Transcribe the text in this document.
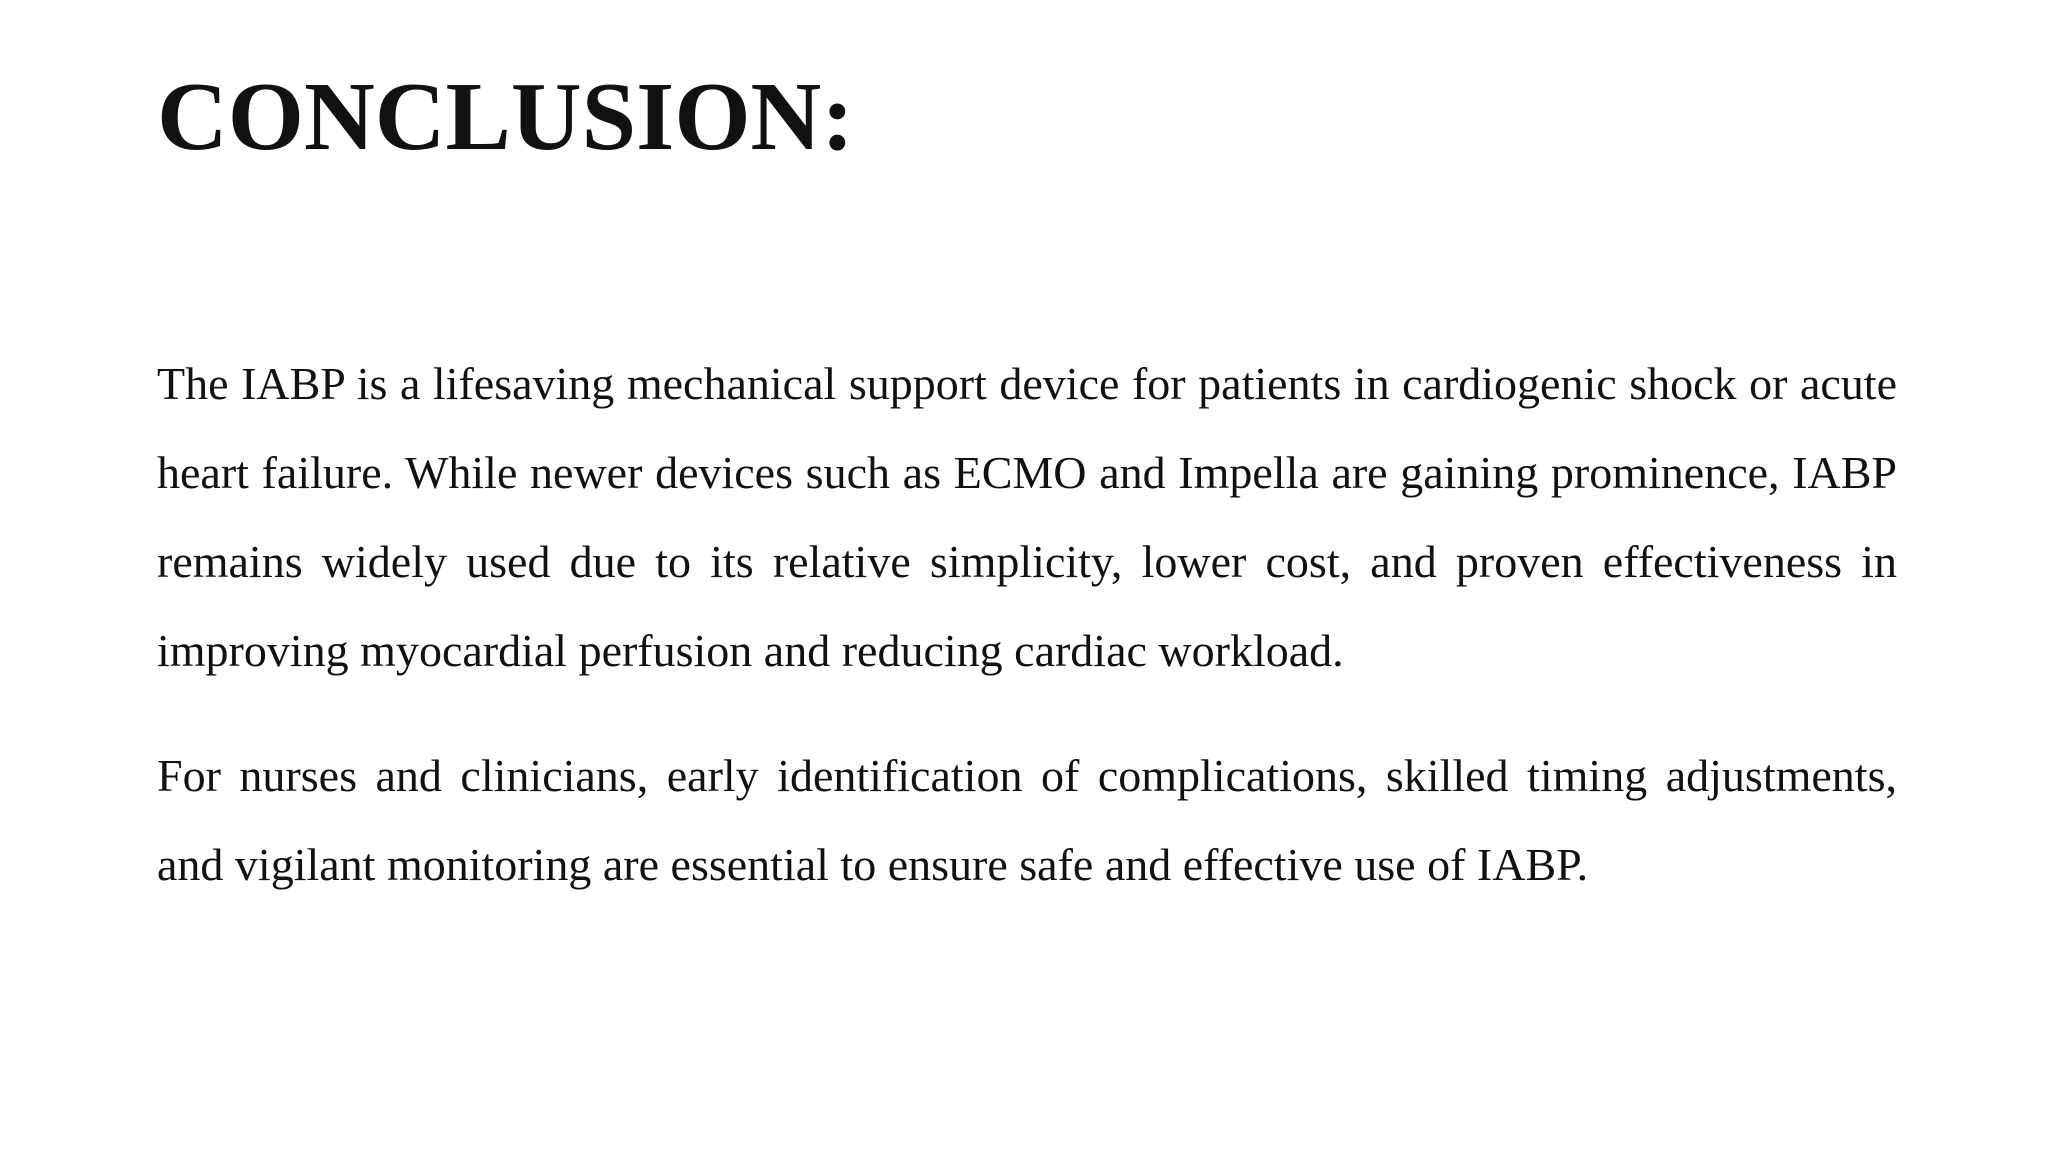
CONCLUSION:

The IABP is a lifesaving mechanical support device for patients in cardiogenic shock or acute heart failure. While newer devices such as ECMO and Impella are gaining prominence, IABP remains widely used due to its relative simplicity, lower cost, and proven effectiveness in improving myocardial perfusion and reducing cardiac workload.

For nurses and clinicians, early identification of complications, skilled timing adjustments, and vigilant monitoring are essential to ensure safe and effective use of IABP.
